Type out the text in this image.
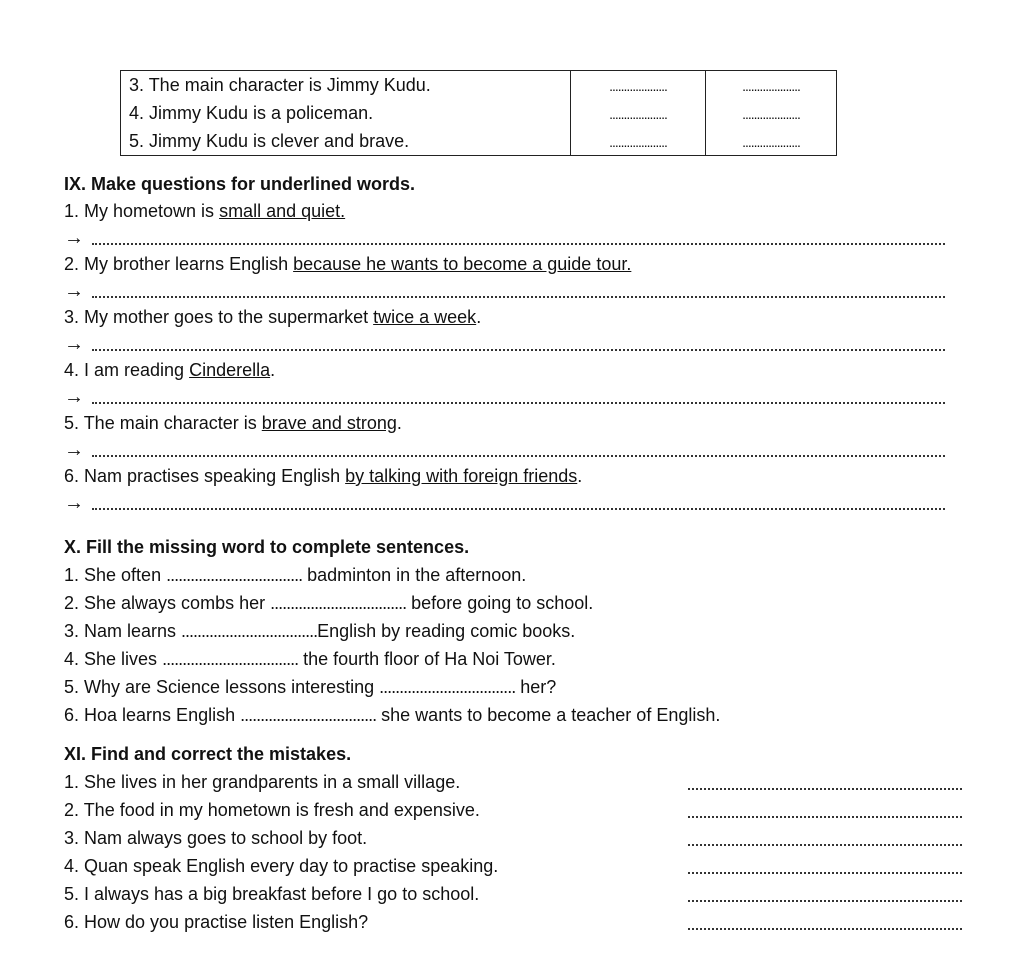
3. The main character is Jimmy Kudu.	....................	....................
4. Jimmy Kudu is a policeman.	....................	....................
5. Jimmy Kudu is clever and brave.	....................	....................
IX. Make questions for underlined words.
1. My hometown is small and quiet.
→
2. My brother learns English because he wants to become a guide tour.
→
3. My mother goes to the supermarket twice a week.
→
4. I am reading Cinderella.
→
5. The main character is brave and strong.
→
6. Nam practises speaking English by talking with foreign friends.
→
X. Fill the missing word to complete sentences.
1. She often .................................. badminton in the afternoon.
2. She always combs her .................................. before going to school.
3. Nam learns ..................................English by reading comic books.
4. She lives .................................. the fourth floor of Ha Noi Tower.
5. Why are Science lessons interesting .................................. her?
6. Hoa learns English .................................. she wants to become a teacher of English.
XI. Find and correct the mistakes.
1. She lives in her grandparents in a small village.
2. The food in my hometown is fresh and expensive.
3. Nam always goes to school by foot.
4. Quan speak English every day to practise speaking.
5. I always has a big breakfast before I go to school.
6. How do you practise listen English?
